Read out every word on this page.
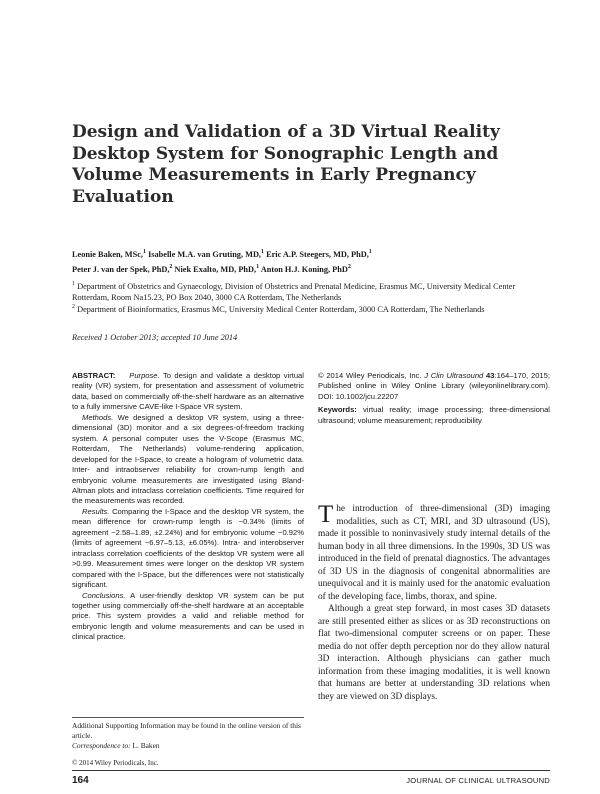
Design and Validation of a 3D Virtual Reality Desktop System for Sonographic Length and Volume Measurements in Early Pregnancy Evaluation
Leonie Baken, MSc,$^1$ Isabelle M.A. van Gruting, MD,$^1$ Eric A.P. Steegers, MD, PhD,$^1$
Peter J. van der Spek, PhD,$^2$ Niek Exalto, MD, PhD,$^1$ Anton H.J. Koning, PhD$^2$
$^1$ Department of Obstetrics and Gynaecology, Division of Obstetrics and Prenatal Medicine, Erasmus MC, University Medical Center Rotterdam, Room Na15.23, PO Box 2040, 3000 CA Rotterdam, The Netherlands
$^2$ Department of Bioinformatics, Erasmus MC, University Medical Center Rotterdam, 3000 CA Rotterdam, The Netherlands
Received 1 October 2013; accepted 10 June 2014

ABSTRACT: Purpose. To design and validate a desktop virtual reality (VR) system, for presentation and assessment of volumetric data, based on commercially off-the-shelf hardware as an alternative to a fully immersive CAVE-like I-Space VR system.

Methods. We designed a desktop VR system, using a three-dimensional (3D) monitor and a six degrees-of-freedom tracking system. A personal computer uses the V-Scope (Erasmus MC, Rotterdam, The Netherlands) volume-rendering application, developed for the I-Space, to create a hologram of volumetric data. Inter- and intraobserver reliability for crown-rump length and embryonic volume measurements are investigated using Bland-Altman plots and intraclass correlation coefficients. Time required for the measurements was recorded.

Results. Comparing the I-Space and the desktop VR system, the mean difference for crown-rump length is −0.34% (limits of agreement −2.58–1.89, ±2.24%) and for embryonic volume −0.92% (limits of agreement −6.97–5.13, ±6.05%). Intra- and interobserver intraclass correlation coefficients of the desktop VR system were all >0.99. Measurement times were longer on the desktop VR system compared with the I-Space, but the differences were not statistically significant.

Conclusions. A user-friendly desktop VR system can be put together using commercially off-the-shelf hardware at an acceptable price. This system provides a valid and reliable method for embryonic length and volume measurements and can be used in clinical practice.

© 2014 Wiley Periodicals, Inc. J Clin Ultrasound 43:164–170, 2015; Published online in Wiley Online Library (wileyonlinelibrary.com). DOI: 10.1002/jcu.22207

Keywords: virtual reality; image processing; three-dimensional ultrasound; volume measurement; reproducibility

The introduction of three-dimensional (3D) imaging modalities, such as CT, MRI, and 3D ultrasound (US), made it possible to noninvasively study internal details of the human body in all three dimensions. In the 1990s, 3D US was introduced in the field of prenatal diagnostics. The advantages of 3D US in the diagnosis of congenital abnormalities are unequivocal and it is mainly used for the anatomic evaluation of the developing face, limbs, thorax, and spine.

Although a great step forward, in most cases 3D datasets are still presented either as slices or as 3D reconstructions on flat two-dimensional computer screens or on paper. These media do not offer depth perception nor do they allow natural 3D interaction. Although physicians can gather much information from these imaging modalities, it is well known that humans are better at understanding 3D relations when they are viewed on 3D displays.

Additional Supporting Information may be found in the online version of this article.

Correspondence to: L. Baken

© 2014 Wiley Periodicals, Inc.
164	JOURNAL OF CLINICAL ULTRASOUND
